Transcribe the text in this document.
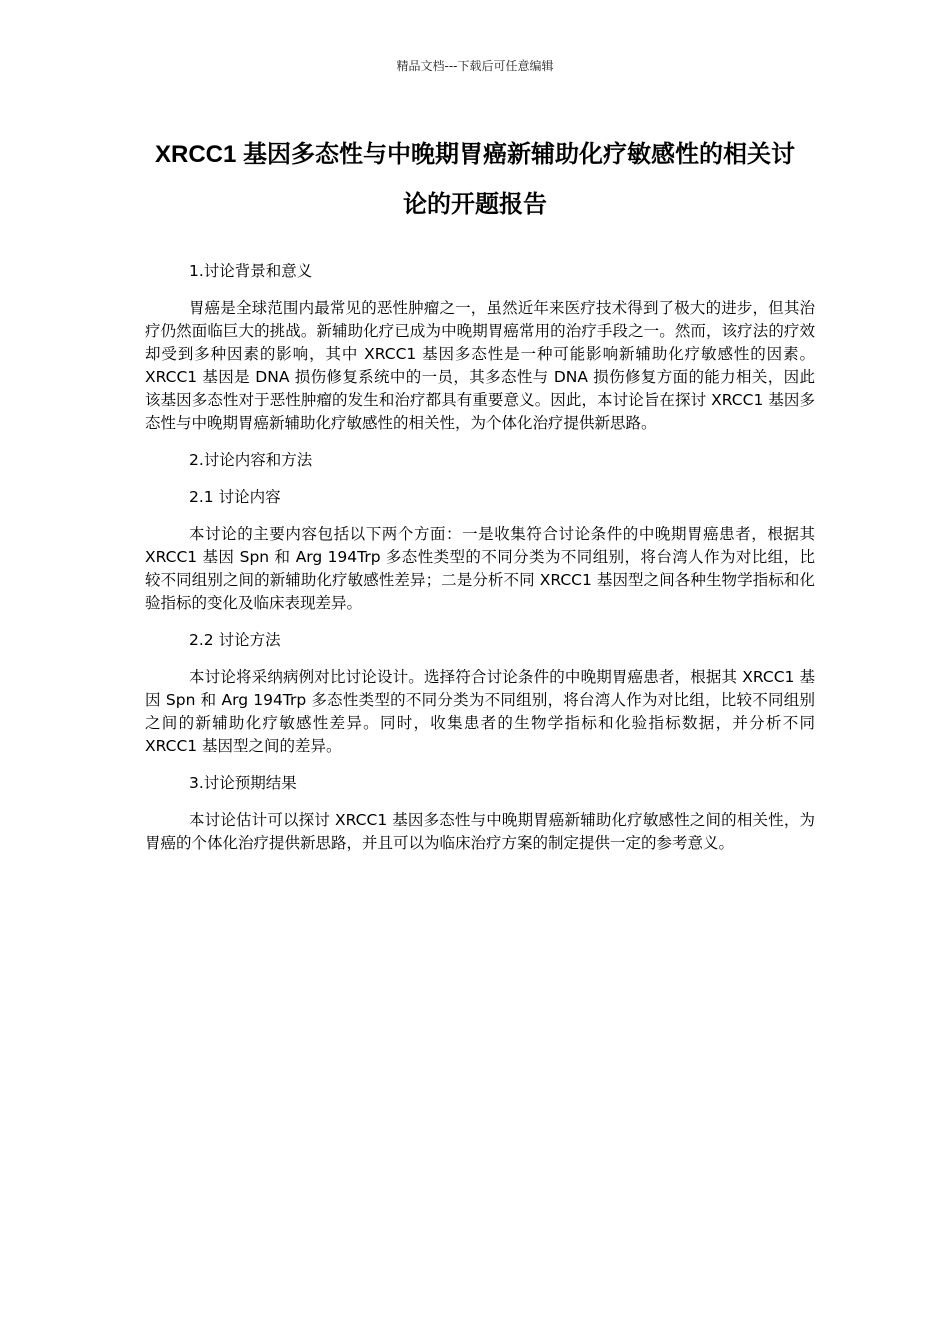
精品文档---下载后可任意编辑
XRCC1 基因多态性与中晚期胃癌新辅助化疗敏感性的相关讨论的开题报告

1.讨论背景和意义

胃癌是全球范围内最常见的恶性肿瘤之一，虽然近年来医疗技术得到了极大的进步，但其治疗仍然面临巨大的挑战。新辅助化疗已成为中晚期胃癌常用的治疗手段之一。然而，该疗法的疗效却受到多种因素的影响，其中 XRCC1 基因多态性是一种可能影响新辅助化疗敏感性的因素。XRCC1 基因是 DNA 损伤修复系统中的一员，其多态性与 DNA 损伤修复方面的能力相关，因此该基因多态性对于恶性肿瘤的发生和治疗都具有重要意义。因此，本讨论旨在探讨 XRCC1 基因多态性与中晚期胃癌新辅助化疗敏感性的相关性，为个体化治疗提供新思路。

2.讨论内容和方法

2.1 讨论内容

本讨论的主要内容包括以下两个方面：一是收集符合讨论条件的中晚期胃癌患者，根据其 XRCC1 基因 Spn 和 Arg 194Trp 多态性类型的不同分类为不同组别，将台湾人作为对比组，比较不同组别之间的新辅助化疗敏感性差异；二是分析不同 XRCC1 基因型之间各种生物学指标和化验指标的变化及临床表现差异。

2.2 讨论方法

本讨论将采纳病例对比讨论设计。选择符合讨论条件的中晚期胃癌患者，根据其 XRCC1 基因 Spn 和 Arg 194Trp 多态性类型的不同分类为不同组别，将台湾人作为对比组，比较不同组别之间的新辅助化疗敏感性差异。同时，收集患者的生物学指标和化验指标数据，并分析不同 XRCC1 基因型之间的差异。

3.讨论预期结果

本讨论估计可以探讨 XRCC1 基因多态性与中晚期胃癌新辅助化疗敏感性之间的相关性，为胃癌的个体化治疗提供新思路，并且可以为临床治疗方案的制定提供一定的参考意义。
